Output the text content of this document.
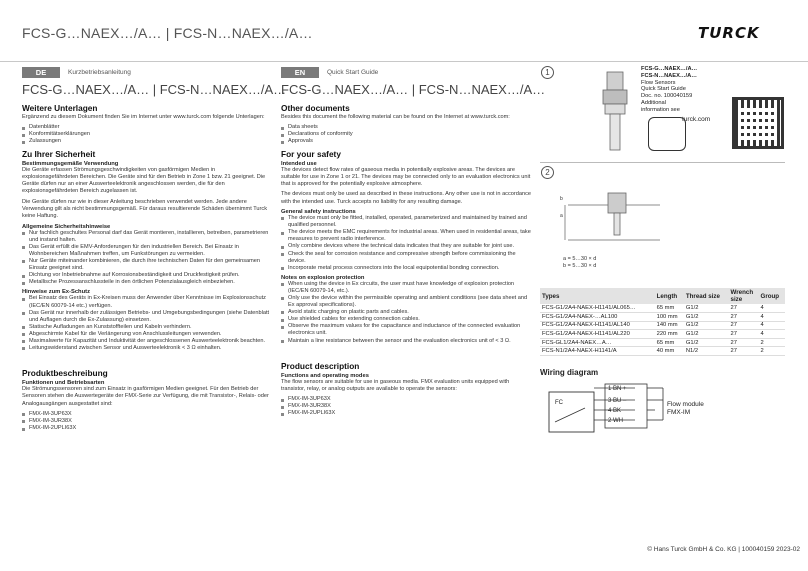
FCS-G…NAEX…/A… | FCS-N…NAEX…/A…	TURCK
DE	Kurzbetriebsanleitung
FCS-G…NAEX…/A… | FCS-N…NAEX…/A…
Weitere Unterlagen

Ergänzend zu diesem Dokument finden Sie im Internet unter www.turck.com folgende Unterlagen:

Datenblätter
Konformitätserklärungen
Zulassungen
Zu Ihrer Sicherheit
Bestimmungsgemäße Verwendung

Die Geräte erfassen Strömungsgeschwindigkeiten von gasförmigen Medien in explosionsgefährdeten Bereichen. Die Geräte sind für den Betrieb in Zone 1 bzw. 21 geeignet. Die Geräte dürfen nur an einer Auswerteelektronik angeschlossen werden, die für den explosionsgefährdeten Bereich zugelassen ist.

Die Geräte dürfen nur wie in dieser Anleitung beschrieben verwendet werden. Jede andere Verwendung gilt als nicht bestimmungsgemäß. Für daraus resultierende Schäden übernimmt Turck keine Haftung.

Allgemeine Sicherheitshinweise
Nur fachlich geschultes Personal darf das Gerät montieren, installieren, betreiben, parametrieren und instand halten.
Das Gerät erfüllt die EMV-Anforderungen für den industriellen Bereich. Bei Einsatz in Wohnbereichen Maßnahmen treffen, um Funkstörungen zu vermeiden.
Nur Geräte miteinander kombinieren, die durch ihre technischen Daten für den gemeinsamen Einsatz geeignet sind.
Dichtung vor Inbetriebnahme auf Korrosionsbeständigkeit und Druckfestigkeit prüfen.
Metallische Prozessanschlussteile in den örtlichen Potenzialausgleich einbeziehen.
Hinweise zum Ex-Schutz
Bei Einsatz des Geräts in Ex-Kreisen muss der Anwender über Kenntnisse im Explosionsschutz (IEC/EN 60079-14 etc.) verfügen.
Das Gerät nur innerhalb der zulässigen Betriebs- und Umgebungsbedingungen (siehe Datenblatt und Auflagen durch die Ex-Zulassung) einsetzen.
Statische Aufladungen an Kunststoffteilen und Kabeln verhindern.
Abgeschirmte Kabel für die Verlängerung von Anschlussleitungen verwenden.
Maximalwerte für Kapazität und Induktivität der angeschlossenen Auswerteelektronik beachten.
Leitungswiderstand zwischen Sensor und Auswerteelektronik < 3 Ω einhalten.
Produktbeschreibung
Funktionen und Betriebsarten

Die Strömungssensoren sind zum Einsatz in gasförmigen Medien geeignet. Für den Betrieb der Sensoren stehen die Auswertegeräte der FMX-Serie zur Verfügung, die mit Transistor-, Relais- oder Analogausgängen ausgestattet sind:

FMX-IM-3UP63X
FMX-IM-3UR38X
FMX-IM-2UPLI63X
EN	Quick Start Guide
FCS-G…NAEX…/A… | FCS-N…NAEX…/A…
Other documents

Besides this document the following material can be found on the Internet at www.turck.com:

Data sheets
Declarations of conformity
Approvals
For your safety
Intended use

The devices detect flow rates of gaseous media in potentially explosive areas. The devices are suitable for use in Zone 1 or 21. The devices may be connected only to an evaluation electronics unit that is approved for the potentially explosive atmosphere.

The devices must only be used as described in these instructions. Any other use is not in accordance with the intended use. Turck accepts no liability for any resulting damage.

General safety instructions
The device must only be fitted, installed, operated, parameterized and maintained by trained and qualified personnel.
The device meets the EMC requirements for industrial areas. When used in residential areas, take measures to prevent radio interference.
Only combine devices where the technical data indicates that they are suitable for joint use.
Check the seal for corrosion resistance and compressive strength before commissioning the device.
Incorporate metal process connectors into the local equipotential bonding connection.
Notes on explosion protection
When using the device in Ex circuits, the user must have knowledge of explosion protection (IEC/EN 60079-14, etc.).
Only use the device within the permissible operating and ambient conditions (see data sheet and Ex approval specifications).
Avoid static charging on plastic parts and cables.
Use shielded cables for extending connection cables.
Observe the maximum values for the capacitance and inductance of the connected evaluation electronics unit.
Maintain a line resistance between the sensor and the evaluation electronics unit of < 3 Ω.
Product description
Functions and operating modes

The flow sensors are suitable for use in gaseous media. FMX evaluation units equipped with transistor, relay, or analog outputs are available to operate the sensors:

FMX-IM-3UP63X
FMX-IM-3UR38X
FMX-IM-2UPLI63X
1	FCS-G…NAEX…/A…
FCS-N…NAEX…/A…
Flow Sensors
Quick Start Guide
Doc. no. 100040159
Additional
information see
turck.com
2
b
a
a = 5…30 × d
b = 5…30 × d
Types	Length	Thread size	Wrench size	Group
FCS-G1/2A4-NAEX-H1141/AL065…	65 mm	G1/2	27	4
FCS-G1/2A4-NAEX-…AL100	100 mm	G1/2	27	4
FCS-G1/2A4-NAEX-H1141/AL140	140 mm	G1/2	27	4
FCS-G1/2A4-NAEX-H1141/AL220	220 mm	G1/2	27	4
FCS-GL1/2A4-NAEX…A…	65 mm	G1/2	27	2
FCS-N1/2A4-NAEX-H1141/A	40 mm	N1/2	27	2
Wiring diagram
FC
1 BN +
3 BU –
4 BK
2 WH
Flow module
FMX-IM
© Hans Turck GmbH & Co. KG | 100040159 2023-02
